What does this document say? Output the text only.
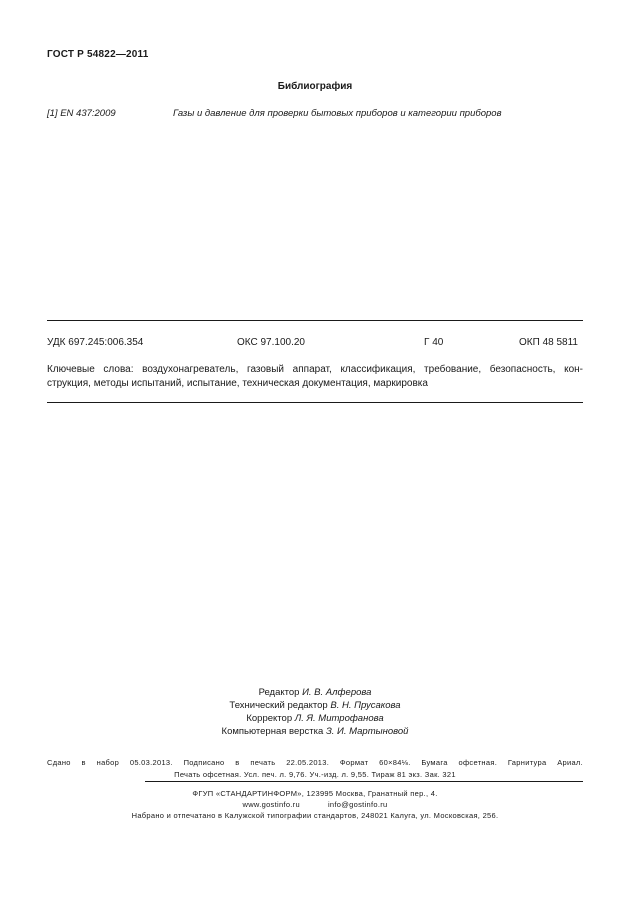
ГОСТ Р 54822—2011
Библиография
[1] EN 437:2009	Газы и давление для проверки бытовых приборов и категории приборов
УДК 697.245:006.354	ОКС 97.100.20	Г 40	ОКП 48 5811
Ключевые слова: воздухонагреватель, газовый аппарат, классификация, требование, безопасность, кон-
струкция, методы испытаний, испытание, техническая документация, маркировка
Редактор И. В. Алферова
Технический редактор В. Н. Прусакова
Корректор Л. Я. Митрофанова
Компьютерная верстка З. И. Мартыновой
Сдано в набор 05.03.2013. Подписано в печать 22.05.2013. Формат 60×84⅛. Бумага офсетная. Гарнитура Ариал.
Печать офсетная. Усл. печ. л. 9,76. Уч.-изд. л. 9,55. Тираж 81 экз. Зак. 321
ФГУП «СТАНДАРТИНФОРМ», 123995 Москва, Гранатный пер., 4.
www.gostinfo.ru	info@gostinfo.ru
Набрано и отпечатано в Калужской типографии стандартов, 248021 Калуга, ул. Московская, 256.
